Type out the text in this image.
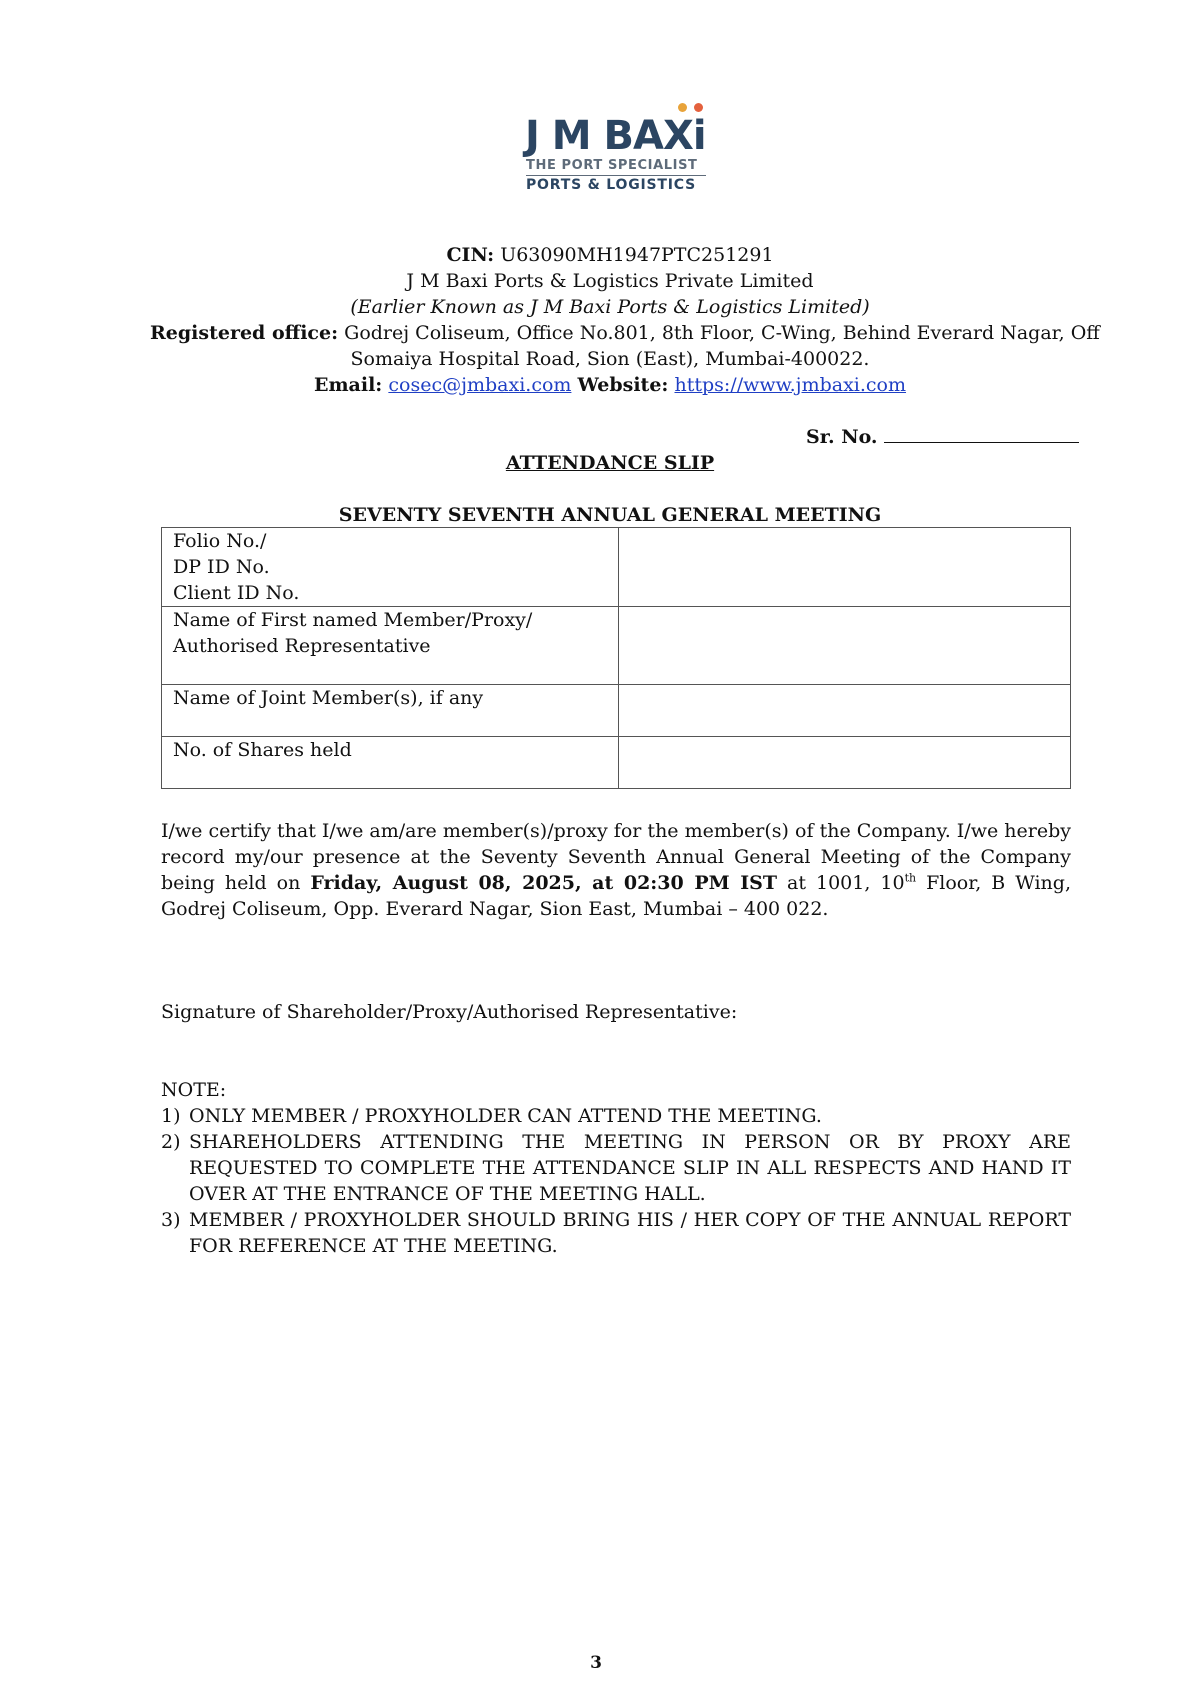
J M BAXi
THE PORT SPECIALIST
PORTS & LOGISTICS
CIN: U63090MH1947PTC251291
J M Baxi Ports & Logistics Private Limited
(Earlier Known as J M Baxi Ports & Logistics Limited)
Registered office: Godrej Coliseum, Office No.801, 8th Floor, C-Wing, Behind Everard Nagar, Off
Somaiya Hospital Road, Sion (East), Mumbai-400022.
Email: cosec@jmbaxi.com Website: https://www.jmbaxi.com
Sr. No.
ATTENDANCE SLIP
SEVENTY SEVENTH ANNUAL GENERAL MEETING
Folio No./
DP ID No.
Client ID No.	

Name of First named Member/Proxy/
Authorised Representative	

Name of Joint Member(s), if any	

No. of Shares held	

I/we certify that I/we am/are member(s)/proxy for the member(s) of the Company. I/we hereby record my/our presence at the Seventy Seventh Annual General Meeting of the Company being held on Friday, August 08, 2025, at 02:30 PM IST at 1001, 10th Floor, B Wing, Godrej Coliseum, Opp. Everard Nagar, Sion East, Mumbai – 400 022.
Signature of Shareholder/Proxy/Authorised Representative:
NOTE:
1) ONLY MEMBER / PROXYHOLDER CAN ATTEND THE MEETING.
2) SHAREHOLDERS ATTENDING THE MEETING IN PERSON OR BY PROXY ARE REQUESTED TO COMPLETE THE ATTENDANCE SLIP IN ALL RESPECTS AND HAND IT OVER AT THE ENTRANCE OF THE MEETING HALL.
3) MEMBER / PROXYHOLDER SHOULD BRING HIS / HER COPY OF THE ANNUAL REPORT FOR REFERENCE AT THE MEETING.
3
